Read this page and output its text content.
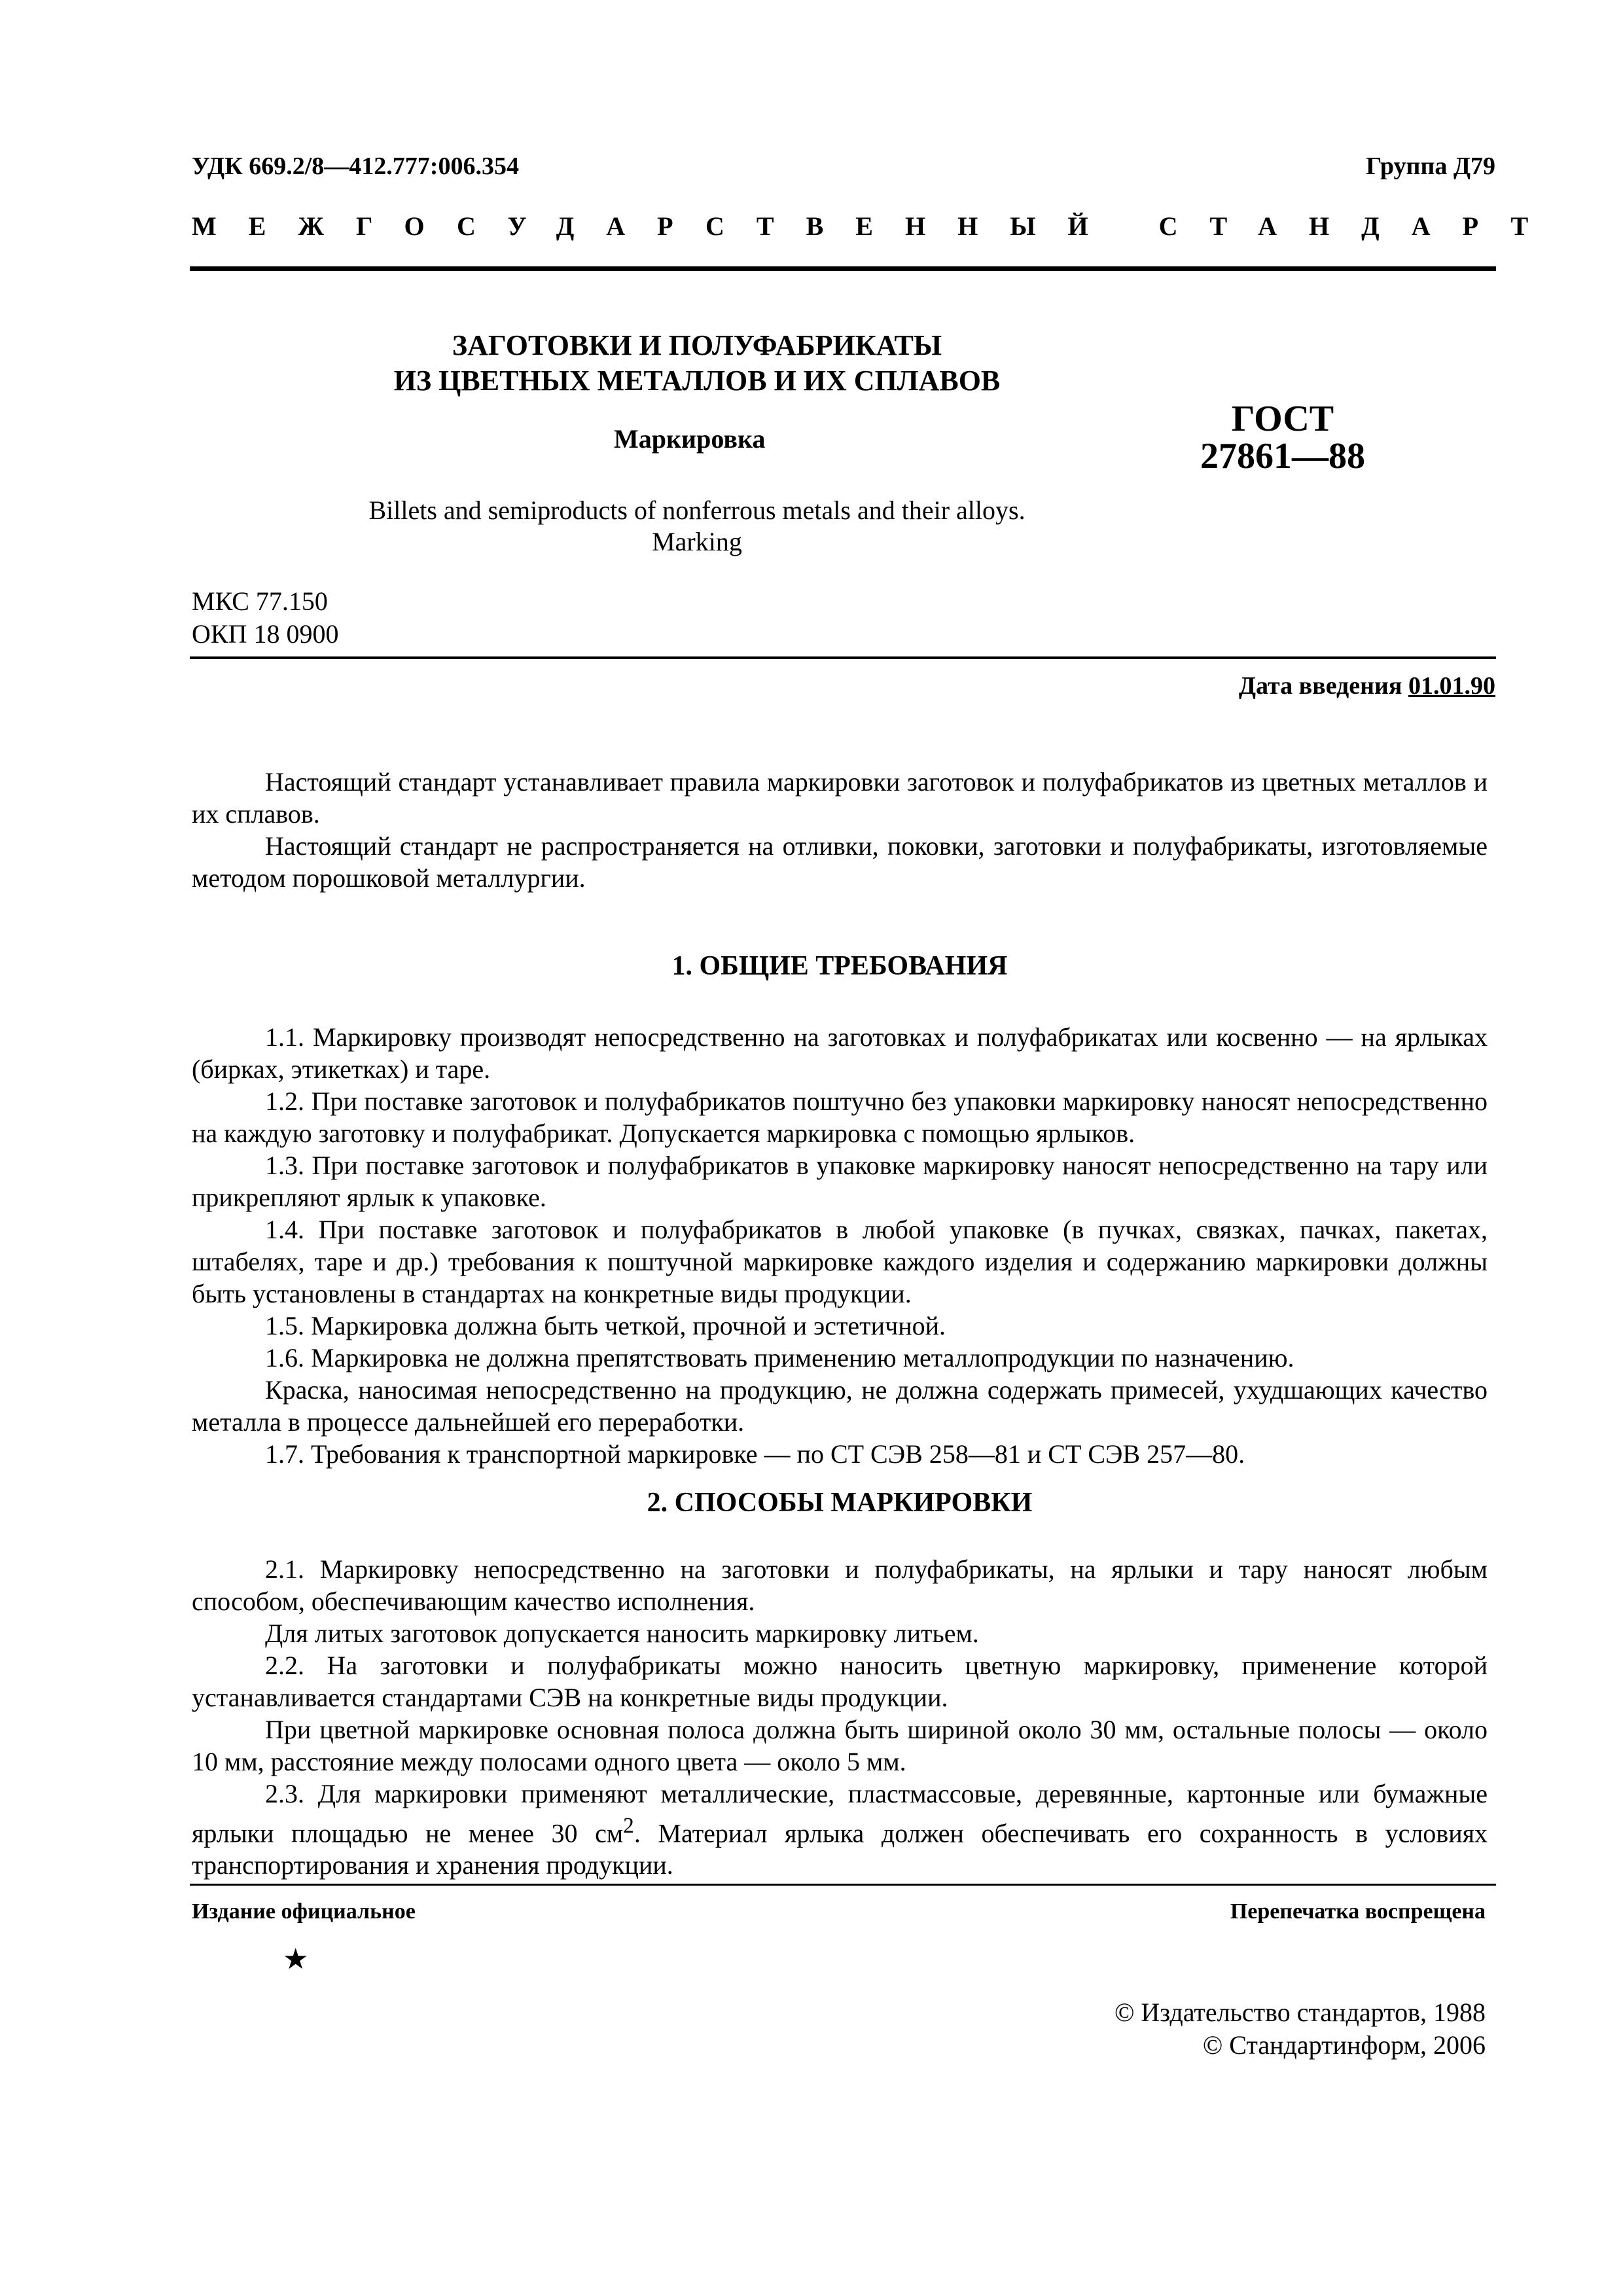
УДК 669.2/8—412.777:006.354	Группа Д79
МЕЖГОСУДАРСТВЕННЫЙ СТАНДАРТ
ЗАГОТОВКИ И ПОЛУФАБРИКАТЫ
ИЗ ЦВЕТНЫХ МЕТАЛЛОВ И ИХ СПЛАВОВ
Маркировка	ГОСТ
27861—88
Billets and semiproducts of nonferrous metals and their alloys.
Marking
МКС 77.150
ОКП 18 0900
Дата введения 01.01.90

Настоящий стандарт устанавливает правила маркировки заготовок и полуфабрикатов из цветных металлов и их сплавов.

Настоящий стандарт не распространяется на отливки, поковки, заготовки и полуфабрикаты, изготовляемые методом порошковой металлургии.

1. ОБЩИЕ ТРЕБОВАНИЯ

1.1. Маркировку производят непосредственно на заготовках и полуфабрикатах или косвенно — на ярлыках (бирках, этикетках) и таре.

1.2. При поставке заготовок и полуфабрикатов поштучно без упаковки маркировку наносят непосредственно на каждую заготовку и полуфабрикат. Допускается маркировка с помощью ярлыков.

1.3. При поставке заготовок и полуфабрикатов в упаковке маркировку наносят непосредственно на тару или прикрепляют ярлык к упаковке.

1.4. При поставке заготовок и полуфабрикатов в любой упаковке (в пучках, связках, пачках, пакетах, штабелях, таре и др.) требования к поштучной маркировке каждого изделия и содержанию маркировки должны быть установлены в стандартах на конкретные виды продукции.

1.5. Маркировка должна быть четкой, прочной и эстетичной.

1.6. Маркировка не должна препятствовать применению металлопродукции по назначению.

Краска, наносимая непосредственно на продукцию, не должна содержать примесей, ухудшающих качество металла в процессе дальнейшей его переработки.

1.7. Требования к транспортной маркировке — по СТ СЭВ 258—81 и СТ СЭВ 257—80.

2. СПОСОБЫ МАРКИРОВКИ

2.1. Маркировку непосредственно на заготовки и полуфабрикаты, на ярлыки и тару наносят любым способом, обеспечивающим качество исполнения.

Для литых заготовок допускается наносить маркировку литьем.

2.2. На заготовки и полуфабрикаты можно наносить цветную маркировку, применение которой устанавливается стандартами СЭВ на конкретные виды продукции.

При цветной маркировке основная полоса должна быть шириной около 30 мм, остальные полосы — около 10 мм, расстояние между полосами одного цвета — около 5 мм.

2.3. Для маркировки применяют металлические, пластмассовые, деревянные, картонные или бумажные ярлыки площадью не менее 30 $см^2$. Материал ярлыка должен обеспечивать его сохранность в условиях транспортирования и хранения продукции.

Издание официальное	Перепечатка воспрещена
★
© Издательство стандартов, 1988
© Стандартинформ, 2006
